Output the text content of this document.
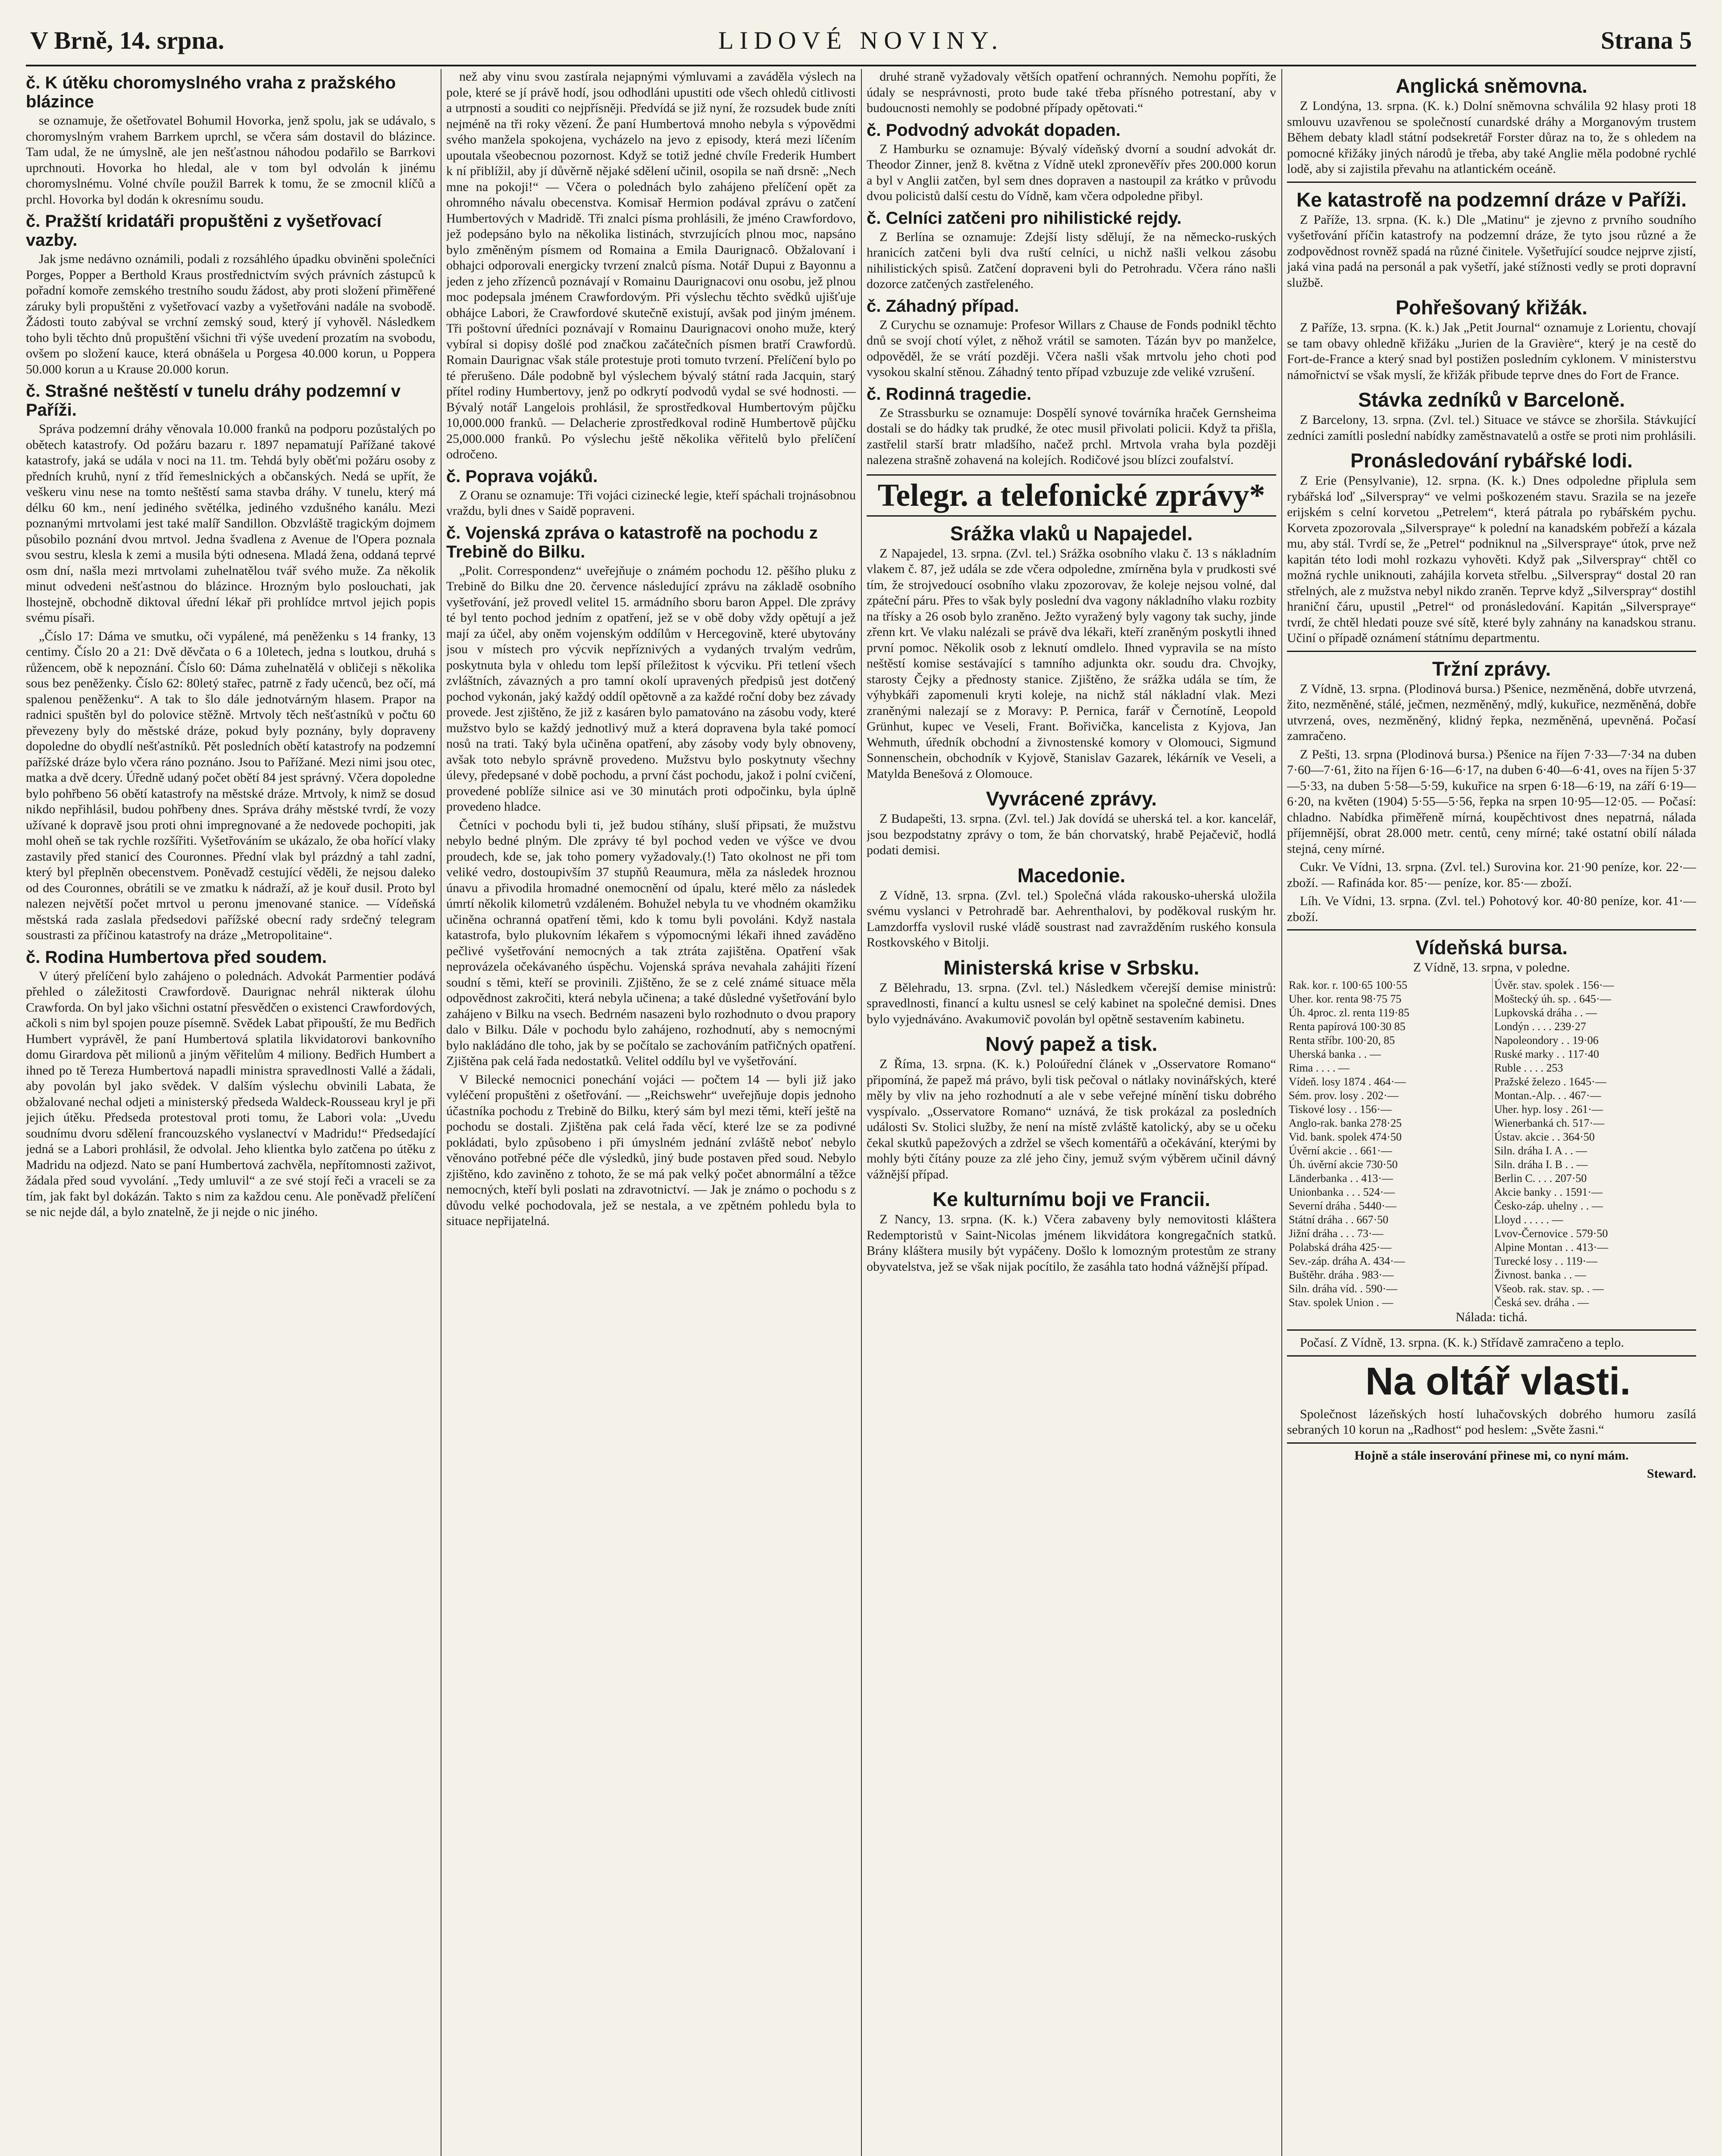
V Brně, 14. srpna.	LIDOVÉ NOVINY.	Strana 5
č. K útěku choromyslného vraha z pražského blázince

se oznamuje, že ošetřovatel Bohumil Hovorka, jenž spolu, jak se udávalo, s choromyslným vrahem Barrkem uprchl, se včera sám dostavil do blázince. Tam udal, že ne úmyslně, ale jen nešťastnou náhodou podařilo se Barrkovi uprchnouti. Hovorka ho hledal, ale v tom byl odvolán k jinému choromyslnému. Volné chvíle použil Barrek k tomu, že se zmocnil klíčů a prchl. Hovorka byl dodán k okresnímu soudu.

č. Pražští kridatáři propuštěni z vyšetřovací vazby.

Jak jsme nedávno oznámili, podali z rozsáhlého úpadku obviněni společníci Porges, Popper a Berthold Kraus prostřednictvím svých právních zástupců k pořadní komoře zemského trestního soudu žádost, aby proti složení přiměřené záruky byli propuštěni z vyšetřovací vazby a vyšetřováni nadále na svobodě. Žádosti touto zabýval se vrchní zemský soud, který jí vyhověl. Následkem toho byli těchto dnů propuštění všichni tři výše uvedení prozatím na svobodu, ovšem po složení kauce, která obnášela u Porgesa 40.000 korun, u Poppera 50.000 korun a u Krause 20.000 korun.

č. Strašné neštěstí v tunelu dráhy podzemní v Paříži.

Správa podzemní dráhy věnovala 10.000 franků na podporu pozůstalých po obětech katastrofy. Od požáru bazaru r. 1897 nepamatují Pařížané takové katastrofy, jaká se udála v noci na 11. tm. Tehdá byly oběťmi požáru osoby z předních kruhů, nyní z tříd řemeslnických a občanských. Nedá se upřít, že veškeru vinu nese na tomto neštěstí sama stavba dráhy. V tunelu, který má délku 60 km., není jediného světélka, jediného vzdušného kanálu. Mezi poznanými mrtvolami jest také malíř Sandillon. Obzvláště tragickým dojmem působilo poznání dvou mrtvol. Jedna švadlena z Avenue de l'Opera poznala svou sestru, klesla k zemi a musila býti odnesena. Mladá žena, oddaná teprvé osm dní, našla mezi mrtvolami zuhelnatělou tvář svého muže. Za několik minut odvedeni nešťastnou do blázince. Hrozným bylo poslouchati, jak lhostejně, obchodně diktoval úřední lékař při prohlídce mrtvol jejich popis svému písaři.

„Číslo 17: Dáma ve smutku, oči vypálené, má peněženku s 14 franky, 13 centimy. Číslo 20 a 21: Dvě děvčata o 6 a 10letech, jedna s loutkou, druhá s růžencem, obě k nepoznání. Číslo 60: Dáma zuhelnatělá v obličeji s několika sous bez peněženky. Číslo 62: 80letý stařec, patrně z řady učenců, bez očí, má spalenou peněženku“. A tak to šlo dále jednotvárným hlasem. Prapor na radnici spuštěn byl do polovice stěžně. Mrtvoly těch nešťastníků v počtu 60 převezeny byly do městské dráze, pokud byly poznány, byly dopraveny dopoledne do obydlí nešťastníků. Pět posledních obětí katastrofy na podzemní pařížské dráze bylo včera ráno poznáno. Jsou to Pařížané. Mezi nimi jsou otec, matka a dvě dcery. Úředně udaný počet obětí 84 jest správný. Včera dopoledne bylo pohřbeno 56 obětí katastrofy na městské dráze. Mrtvoly, k nimž se dosud nikdo nepřihlásil, budou pohřbeny dnes. Správa dráhy městské tvrdí, že vozy užívané k dopravě jsou proti ohni impregnované a že nedovede pochopiti, jak mohl oheň se tak rychle rozšířiti. Vyšetřováním se ukázalo, že oba hořící vlaky zastavily před stanicí des Couronnes. Přední vlak byl prázdný a tahl zadní, který byl přeplněn obecenstvem. Poněvadž cestující věděli, že nejsou daleko od des Couronnes, obrátili se ve zmatku k nádraží, až je kouř dusil. Proto byl nalezen největší počet mrtvol u peronu jmenované stanice. — Vídeňská městská rada zaslala předsedovi pařížské obecní rady srdečný telegram soustrasti za příčinou katastrofy na dráze „Metropolitaine“.

č. Rodina Humbertova před soudem.

V úterý přelíčení bylo zahájeno o polednách. Advokát Parmentier podává přehled o záležitosti Crawfordově. Daurignac nehrál nikterak úlohu Crawforda. On byl jako všichni ostatní přesvědčen o existenci Crawfordových, ačkoli s nim byl spojen pouze písemně. Svědek Labat připouští, že mu Bedřich Humbert vyprávěl, že paní Humbertová splatila likvidatorovi bankovního domu Girardova pět milionů a jiným věřitelům 4 miliony. Bedřich Humbert a ihned po tě Tereza Humbertová napadli ministra spravedlnosti Vallé a žádali, aby povolán byl jako svědek. V dalším výslechu obvinili Labata, že obžalované nechal odjeti a ministerský předseda Waldeck-Rousseau kryl je při jejich útěku. Předseda protestoval proti tomu, že Labori vola: „Uvedu soudnímu dvoru sdělení francouzského vyslanectví v Madridu!“ Předsedající jedná se a Labori prohlásil, že odvolal. Jeho klientka bylo zatčena po útěku z Madridu na odjezd. Nato se paní Humbertová zachvěla, nepřítomnosti zaživot, žádala před soud vyvolání. „Tedy umluvil“ a ze své stojí řeči a vraceli se za tím, jak fakt byl dokázán. Takto s nim za každou cenu. Ale poněvadž přelíčení se nic nejde dál, a bylo znatelně, že ji nejde o nic jiného.

než aby vinu svou zastírala nejapnými výmluvami a zaváděla výslech na pole, které se jí právě hodí, jsou odhodláni upustiti ode všech ohledů citlivosti a utrpnosti a souditi co nejpřísněji. Předvídá se již nyní, že rozsudek bude zníti nejméně na tři roky vězení. Že paní Humbertová mnoho nebyla s výpovědmi svého manžela spokojena, vycházelo na jevo z episody, která mezi líčením upoutala všeobecnou pozornost. Když se totiž jedné chvíle Frederik Humbert k ní přiblížil, aby jí důvěrně nějaké sdělení učinil, osopila se naň drsně: „Nech mne na pokoji!“ — Včera o polednách bylo zahájeno přelíčení opět za ohromného návalu obecenstva. Komisař Hermion podával zprávu o zatčení Humbertových v Madridě. Tři znalci písma prohlásili, že jméno Crawfordovo, jež podepsáno bylo na několika listinách, stvrzujících plnou moc, napsáno bylo změněným písmem od Romaina a Emila Daurignacô. Obžalovaní i obhajci odporovali energicky tvrzení znalců písma. Notář Dupui z Bayonnu a jeden z jeho zřízenců poznávají v Romainu Daurignacovi onu osobu, jež plnou moc podepsala jménem Crawfordovým. Při výslechu těchto svědků ujišťuje obhájce Labori, že Crawfordové skutečně existují, avšak pod jiným jménem. Tři poštovní úředníci poznávají v Romainu Daurignacovi onoho muže, který vybíral si dopisy došlé pod značkou začátečních písmen bratří Crawfordů. Romain Daurignac však stále protestuje proti tomuto tvrzení. Přelíčení bylo po té přerušeno. Dále podobně byl výslechem bývalý státní rada Jacquin, starý přítel rodiny Humbertovy, jenž po odkrytí podvodů vydal se své hodnosti. — Bývalý notář Langelois prohlásil, že sprostředkoval Humbertovým půjčku 10,000.000 franků. — Delacherie zprostředkoval rodině Humbertově půjčku 25,000.000 franků. Po výslechu ještě několika věřitelů bylo přelíčení odročeno.

č. Poprava vojáků.

Z Oranu se oznamuje: Tři vojáci cizinecké legie, kteří spáchali trojnásobnou vraždu, byli dnes v Saidě popraveni.

č. Vojenská zpráva o katastrofě na pochodu z Trebině do Bilku.

„Polit. Correspondenz“ uveřejňuje o známém pochodu 12. pěšího pluku z Trebině do Bilku dne 20. července následující zprávu na základě osobního vyšetřování, jež provedl velitel 15. armádního sboru baron Appel. Dle zprávy té byl tento pochod jedním z opatření, jež se v obě doby vždy opětují a jež mají za účel, aby oněm vojenským oddílům v Hercegovině, které ubytovány jsou v místech pro výcvik nepříznivých a vydaných trvalým vedrům, poskytnuta byla v ohledu tom lepší příležitost k výcviku. Při tetlení všech zvláštních, závazných a pro tamní okolí upravených předpisů jest dotčený pochod vykonán, jaký každý oddíl opětovně a za každé roční doby bez závady provede. Jest zjištěno, že již z kasáren bylo pamatováno na zásobu vody, které mužstvo bylo se každý jednotlivý muž a která dopravena byla také pomocí nosů na trati. Taký byla učiněna opatření, aby zásoby vody byly obnoveny, avšak toto nebylo správně provedeno. Mužstvu bylo poskytnuty všechny úlevy, předepsané v době pochodu, a první část pochodu, jakož i polní cvičení, provedené poblíže silnice asi ve 30 minutách proti odpočinku, byla úplně provedeno hladce.

Četníci v pochodu byli ti, jež budou stíhány, sluší připsati, že mužstvu nebylo bedné plným. Dle zprávy té byl pochod veden ve výšce ve dvou proudech, kde se, jak toho pomery vyžadovaly.(!) Tato okolnost ne při tom veliké vedro, dostoupivším 37 stupňů Reaumura, měla za následek hroznou únavu a přivodila hromadné onemocnění od úpalu, které mělo za následek úmrtí několik kilometrů vzdáleném. Bohužel nebyla tu ve vhodném okamžiku učiněna ochranná opatření těmi, kdo k tomu byli povoláni. Když nastala katastrofa, bylo plukovním lékařem s výpomocnými lékaři ihned zaváděno pečlivé vyšetřování nemocných a tak ztráta zajištěna. Opatření však neprovázela očekávaného úspěchu. Vojenská správa nevahala zahájiti řízení soudní s těmi, kteří se provinili. Zjištěno, že se z celé známé situace měla odpovědnost zakročiti, která nebyla učinena; a také důsledné vyšetřování bylo zahájeno v Bilku na vsech. Bedrném nasazeni bylo rozhodnuto o dvou prapory dalo v Bilku. Dále v pochodu bylo zahájeno, rozhodnutí, aby s nemocnými bylo nakládáno dle toho, jak by se počítalo se zachováním patřičných opatření. Zjištěna pak celá řada nedostatků. Velitel oddílu byl ve vyšetřování.

V Bilecké nemocnici ponechání vojáci — počtem 14 — byli již jako vyléčení propuštěni z ošetřování. — „Reichswehr“ uveřejňuje dopis jednoho účastníka pochodu z Trebině do Bilku, který sám byl mezi těmi, kteří ještě na pochodu se dostali. Zjištěna pak celá řada věcí, které lze se za podivné pokládati, bylo způsobeno i při úmyslném jednání zvláště neboť nebylo věnováno potřebné péče dle výsledků, jiný bude postaven před soud. Nebylo zjištěno, kdo zaviněno z tohoto, že se má pak velký počet abnormální a těžce nemocných, kteří byli poslati na zdravotnictví. — Jak je známo o pochodu s z důvodu velké pochodovala, jež se nestala, a ve zpětném pohledu byla to situace nepřijatelná.

druhé straně vyžadovaly větších opatření ochranných. Nemohu popříti, že údaly se nesprávnosti, proto bude také třeba přísného potrestaní, aby v budoucnosti nemohly se podobné případy opětovati.“

č. Podvodný advokát dopaden.

Z Hamburku se oznamuje: Bývalý vídeňský dvorní a soudní advokát dr. Theodor Zinner, jenž 8. května z Vídně utekl zpronevěřív přes 200.000 korun a byl v Anglii zatčen, byl sem dnes dopraven a nastoupil za krátko v průvodu dvou policistů další cestu do Vídně, kam včera odpoledne přibyl.

č. Celníci zatčeni pro nihilistické rejdy.

Z Berlína se oznamuje: Zdejší listy sdělují, že na německo-ruských hranicích zatčeni byli dva ruští celníci, u nichž našli velkou zásobu nihilistických spisů. Zatčení dopraveni byli do Petrohradu. Včera ráno našli dozorce zatčených zastřeleného.

č. Záhadný případ.

Z Curychu se oznamuje: Profesor Willars z Chause de Fonds podnikl těchto dnů se svojí chotí výlet, z něhož vrátil se samoten. Tázán byv po manželce, odpověděl, že se vrátí později. Včera našli však mrtvolu jeho choti pod vysokou skalní stěnou. Záhadný tento případ vzbuzuje zde veliké vzrušení.

č. Rodinná tragedie.

Ze Strassburku se oznamuje: Dospělí synové továrníka hraček Gernsheima dostali se do hádky tak prudké, že otec musil přivolati policii. Když ta přišla, zastřelil starší bratr mladšího, načež prchl. Mrtvola vraha byla později nalezena strašně zohavená na kolejích. Rodičové jsou blízci zoufalství.

Telegr. a telefonické zprávy*
Srážka vlaků u Napajedel.

Z Napajedel, 13. srpna. (Zvl. tel.) Srážka osobního vlaku č. 13 s nákladním vlakem č. 87, jež udála se zde včera odpoledne, zmírněna byla v prudkosti své tím, že strojvedoucí osobního vlaku zpozorovav, že koleje nejsou volné, dal zpáteční páru. Přes to však byly poslední dva vagony nákladního vlaku rozbity na třísky a 26 osob bylo zraněno. Ježto vyražený byly vagony tak suchy, jinde zřenn krt. Ve vlaku nalézali se právě dva lékaři, kteří zraněným poskytli ihned první pomoc. Několik osob z leknutí omdlelo. Ihned vypravila se na místo neštěstí komise sestávající s tamního adjunkta okr. soudu dra. Chvojky, starosty Čejky a přednosty stanice. Zjištěno, že srážka udála se tím, že výhybkáři zapomenuli kryti koleje, na nichž stál nákladní vlak. Mezi zraněnými nalezají se z Moravy: P. Pernica, farář v Černotíně, Leopold Grünhut, kupec ve Veseli, Frant. Bořivička, kancelista z Kyjova, Jan Wehmuth, úředník obchodní a živnostenské komory v Olomouci, Sigmund Sonnenschein, obchodník v Kyjově, Stanislav Gazarek, lékárník ve Veseli, a Matylda Benešová z Olomouce.

Vyvrácené zprávy.

Z Budapešti, 13. srpna. (Zvl. tel.) Jak dovídá se uherská tel. a kor. kancelář, jsou bezpodstatny zprávy o tom, že bán chorvatský, hrabě Pejačevič, hodlá podati demisi.

Macedonie.

Z Vídně, 13. srpna. (Zvl. tel.) Společná vláda rakousko-uherská uložila svému vyslanci v Petrohradě bar. Aehrenthalovi, by poděkoval ruským hr. Lamzdorffa vyslovil ruské vládě soustrast nad zavražděním ruského konsula Rostkovského v Bitolji.

Ministerská krise v Srbsku.

Z Bělehradu, 13. srpna. (Zvl. tel.) Následkem včerejší demise ministrů: spravedlnosti, financí a kultu usnesl se celý kabinet na společné demisi. Dnes bylo vyjednáváno. Avakumovič povolán byl opětně sestavením kabinetu.

Nový papež a tisk.

Z Říma, 13. srpna. (K. k.) Poloúřední článek v „Osservatore Romano“ připomíná, že papež má právo, byli tisk pečoval o nátlaky novinářských, které měly by vliv na jeho rozhodnutí a ale v sebe veřejné mínění tisku dobrého vyspívalo. „Osservatore Romano“ uznává, že tisk prokázal za posledních události Sv. Stolici služby, že není na místě zvláště katolický, aby se u očeku čekal skutků papežových a zdržel se všech komentářů a očekávání, kterými by mohly býti čítány pouze za zlé jeho činy, jemuž svým výběrem učinil dávný vážnější případ.

Ke kulturnímu boji ve Francii.

Z Nancy, 13. srpna. (K. k.) Včera zabaveny byly nemovitosti kláštera Redemptoristů v Saint-Nicolas jménem likvidátora kongregačních statků. Brány kláštera musily být vypáčeny. Došlo k lomozným protestům ze strany obyvatelstva, jež se však nijak pocítilo, že zasáhla tato hodná vážnější případ.

Anglická sněmovna.

Z Londýna, 13. srpna. (K. k.) Dolní sněmovna schválila 92 hlasy proti 18 smlouvu uzavřenou se společností cunardské dráhy a Morganovým trustem Během debaty kladl státní podsekretář Forster důraz na to, že s ohledem na pomocné křižáky jiných národů je třeba, aby také Anglie měla podobné rychlé lodě, aby si zajistila převahu na atlantickém oceáně.

Ke katastrofě na podzemní dráze v Paříži.

Z Paříže, 13. srpna. (K. k.) Dle „Matinu“ je zjevno z prvního soudního vyšetřování příčin katastrofy na podzemní dráze, že tyto jsou různé a že zodpovědnost rovněž spadá na různé činitele. Vyšetřující soudce nejprve zjistí, jaká vina padá na personál a pak vyšetří, jaké stížnosti vedly se proti dopravní službě.

Pohřešovaný křižák.

Z Paříže, 13. srpna. (K. k.) Jak „Petit Journal“ oznamuje z Lorientu, chovají se tam obavy ohledně křižáku „Jurien de la Gravière“, který je na cestě do Fort-de-France a který snad byl postižen posledním cyklonem. V ministerstvu námořnictví se však myslí, že křižák přibude teprve dnes do Fort de France.

Stávka zedníků v Barceloně.

Z Barcelony, 13. srpna. (Zvl. tel.) Situace ve stávce se zhoršila. Stávkující zedníci zamítli poslední nabídky zaměstnavatelů a ostře se proti nim prohlásili.

Pronásledování rybářské lodi.

Z Erie (Pensylvanie), 12. srpna. (K. k.) Dnes odpoledne připlula sem rybářská loď „Silverspray“ ve velmi poškozeném stavu. Srazila se na jezeře erijském s celní korvetou „Petrelem“, která pátrala po rybářském pychu. Korveta zpozorovala „Silverspraye“ k polední na kanadském pobřeží a kázala mu, aby stál. Tvrdí se, že „Petrel“ podniknul na „Silverspraye“ útok, prve než kapitán této lodi mohl rozkazu vyhověti. Když pak „Silverspray“ chtěl co možná rychle uniknouti, zahájila korveta střelbu. „Silverspray“ dostal 20 ran střelných, ale z mužstva nebyl nikdo zraněn. Teprve když „Silverspray“ dostihl hraniční čáru, upustil „Petrel“ od pronásledování. Kapitán „Silverspraye“ tvrdí, že chtěl hledati pouze své sítě, které byly zahnány na kanadskou stranu. Učiní o případě oznámení státnímu departmentu.

Tržní zprávy.

Z Vídně, 13. srpna. (Plodinová bursa.) Pšenice, nezměněná, dobře utvrzená, žito, nezměněné, stálé, ječmen, nezměněný, mdlý, kukuřice, nezměněná, dobře utvrzená, oves, nezměněný, klidný řepka, nezměněná, upevněná. Počasí zamračeno.

Z Pešti, 13. srpna (Plodinová bursa.) Pšenice na říjen 7·33—7·34 na duben 7·60—7·61, žito na říjen 6·16—6·17, na duben 6·40—6·41, oves na říjen 5·37—5·33, na duben 5·58—5·59, kukuřice na srpen 6·18—6·19, na září 6·19—6·20, na květen (1904) 5·55—5·56, řepka na srpen 10·95—12·05. — Počasí: chladno. Nabídka přiměřeně mírná, koupěchtivost dnes nepatrná, nálada příjemnější, obrat 28.000 metr. centů, ceny mírné; také ostatní obilí nálada stejná, ceny mírné.

Cukr. Ve Vídni, 13. srpna. (Zvl. tel.) Surovina kor. 21·90 peníze, kor. 22·— zboží. — Rafináda kor. 85·— peníze, kor. 85·— zboží.

Líh. Ve Vídni, 13. srpna. (Zvl. tel.) Pohotový kor. 40·80 peníze, kor. 41·— zboží.

Vídeňská bursa.

Z Vídně, 13. srpna, v poledne.

Rak. kor. r. 100·65 100·55	Úvěr. stav. spolek . 156·—
Uher. kor. renta 98·75 75	Moštecký úh. sp. . 645·—
Úh. 4proc. zl. renta 119·85	Lupkovská dráha . . —
Renta papírová 100·30 85	Londýn . . . . 239·27
Renta stříbr. 100·20, 85	Napoleondory . . 19·06
Uherská banka . . —	Ruské marky . . 117·40
Rima . . . . —	Ruble . . . . 253
Vídeň. losy 1874 . 464·—	Pražské železo . 1645·—
Sém. prov. losy . 202·—	Montan.-Alp. . . 467·—
Tiskové losy . . 156·—	Uher. hyp. losy . 261·—
Anglo-rak. banka 278·25	Wienerbanká ch. 517·—
Vid. bank. spolek 474·50	Ústav. akcie . . 364·50
Úvěrní akcie . . 661·—	Siln. dráha I. A . . —
Úh. úvěrní akcie 730·50	Siln. dráha I. B . . —
Länderbanka . . 413·—	Berlin C. . . . 207·50
Unionbanka . . . 524·—	Akcie banky . . 1591·—
Severní dráha . 5440·—	Česko-záp. uhelny . . —
Státní dráha . . 667·50	Lloyd . . . . . —
Jižní dráha . . . 73·—	Lvov-Černovice . 579·50
Polabská dráha 425·—	Alpine Montan . . 413·—
Sev.-záp. dráha A. 434·—	Turecké losy . . 119·—
Buštěhr. dráha . 983·—	Živnost. banka . . —
Siln. dráha víd. . 590·—	Všeob. rak. stav. sp. . —
Stav. spolek Union . —	Česká sev. dráha . —

Nálada: tichá.

Počasí. Z Vídně, 13. srpna. (K. k.) Střídavě zamračeno a teplo.

Na oltář vlasti.

Společnost lázeňských hostí luhačovských dobrého humoru zasílá sebraných 10 korun na „Radhost“ pod heslem: „Světe žasni.“

Hojně a stále inserování přinese mi, co nyní mám.

Steward.
